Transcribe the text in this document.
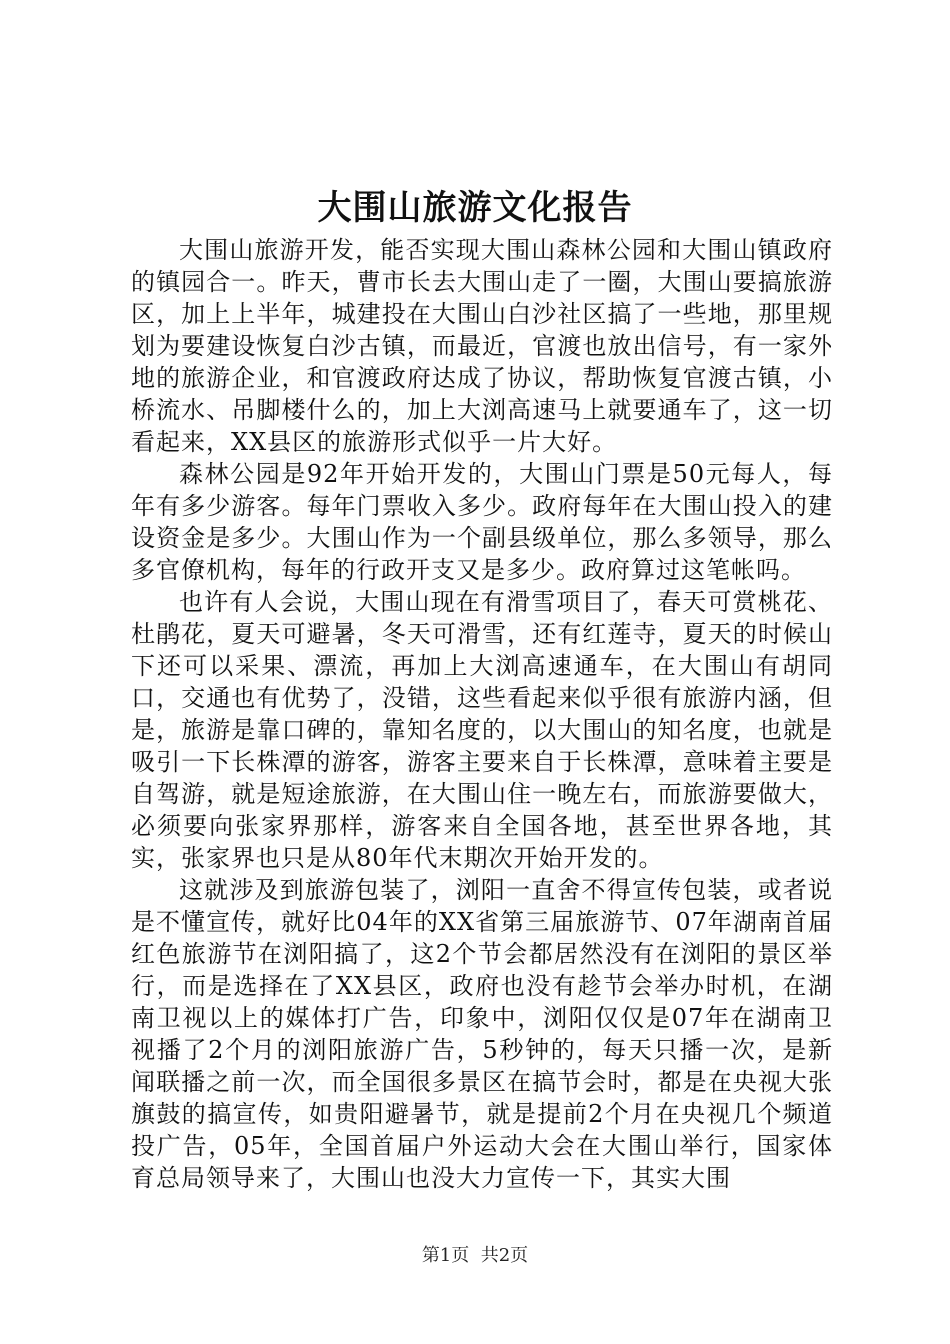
大围山旅游文化报告

大围山旅游开发，能否实现大围山森林公园和大围山镇政府的镇园合一。昨天，曹市长去大围山走了一圈，大围山要搞旅游区，加上上半年，城建投在大围山白沙社区搞了一些地，那里规划为要建设恢复白沙古镇，而最近，官渡也放出信号，有一家外地的旅游企业，和官渡政府达成了协议，帮助恢复官渡古镇，小桥流水、吊脚楼什么的，加上大浏高速马上就要通车了，这一切看起来，XX县区的旅游形式似乎一片大好。

森林公园是92年开始开发的，大围山门票是50元每人，每年有多少游客。每年门票收入多少。政府每年在大围山投入的建设资金是多少。大围山作为一个副县级单位，那么多领导，那么多官僚机构，每年的行政开支又是多少。政府算过这笔帐吗。

也许有人会说，大围山现在有滑雪项目了，春天可赏桃花、杜鹃花，夏天可避暑，冬天可滑雪，还有红莲寺，夏天的时候山下还可以采果、漂流，再加上大浏高速通车，在大围山有胡同口，交通也有优势了，没错，这些看起来似乎很有旅游内涵，但是，旅游是靠口碑的，靠知名度的，以大围山的知名度，也就是吸引一下长株潭的游客，游客主要来自于长株潭，意味着主要是自驾游，就是短途旅游，在大围山住一晚左右，而旅游要做大，必须要向张家界那样，游客来自全国各地，甚至世界各地，其实，张家界也只是从80年代末期次开始开发的。

这就涉及到旅游包装了，浏阳一直舍不得宣传包装，或者说是不懂宣传，就好比04年的XX省第三届旅游节、07年湖南首届红色旅游节在浏阳搞了，这2个节会都居然没有在浏阳的景区举行，而是选择在了XX县区，政府也没有趁节会举办时机，在湖南卫视以上的媒体打广告，印象中，浏阳仅仅是07年在湖南卫视播了2个月的浏阳旅游广告，5秒钟的，每天只播一次，是新闻联播之前一次，而全国很多景区在搞节会时，都是在央视大张旗鼓的搞宣传，如贵阳避暑节，就是提前2个月在央视几个频道投广告，05年，全国首届户外运动大会在大围山举行，国家体育总局领导来了，大围山也没大力宣传一下，其实大围

第1页 共2页
